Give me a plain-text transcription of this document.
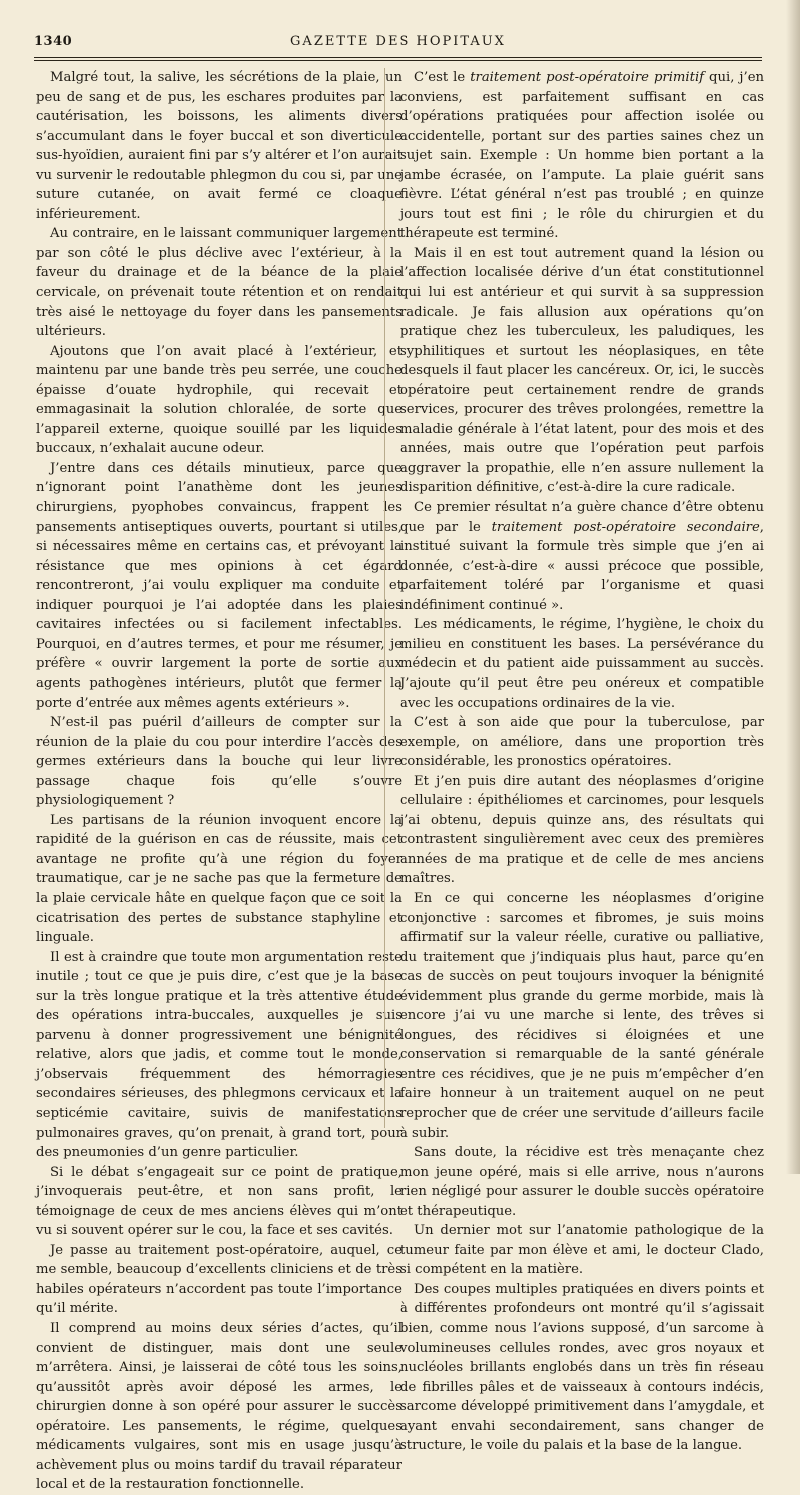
1340	GAZETTE DES HOPITAUX

Malgré tout, la salive, les sécrétions de la plaie, un peu de sang et de pus, les eschares produites par la cautérisation, les boissons, les aliments divers s’accumulant dans le foyer buccal et son diverticule sus-hyoïdien, auraient fini par s’y altérer et l’on aurait vu survenir le redoutable phlegmon du cou si, par une suture cutanée, on avait fermé ce cloaque inférieurement.

Au contraire, en le laissant communiquer largement par son côté le plus déclive avec l’extérieur, à la faveur du drainage et de la béance de la plaie cervicale, on prévenait toute rétention et on rendait très aisé le nettoyage du foyer dans les pansements ultérieurs.

Ajoutons que l’on avait placé à l’extérieur, et maintenu par une bande très peu serrée, une couche épaisse d’ouate hydrophile, qui recevait et emmagasinait la solution chloralée, de sorte que l’appareil externe, quoique souillé par les liquides buccaux, n’exhalait aucune odeur.

J’entre dans ces détails minutieux, parce que n’ignorant point l’anathème dont les jeunes chirurgiens, pyophobes convaincus, frappent les pansements antiseptiques ouverts, pourtant si utiles, si nécessaires même en certains cas, et prévoyant la résistance que mes opinions à cet égard rencontreront, j’ai voulu expliquer ma conduite et indiquer pourquoi je l’ai adoptée dans les plaies cavitaires infectées ou si facilement infectables. Pourquoi, en d’autres termes, et pour me résumer, je préfère « ouvrir largement la porte de sortie aux agents pathogènes intérieurs, plutôt que fermer la porte d’entrée aux mêmes agents extérieurs ».

N’est-il pas puéril d’ailleurs de compter sur la réunion de la plaie du cou pour interdire l’accès des germes extérieurs dans la bouche qui leur livre passage chaque fois qu’elle s’ouvre physiologiquement ?

Les partisans de la réunion invoquent encore la rapidité de la guérison en cas de réussite, mais cet avantage ne profite qu’à une région du foyer traumatique, car je ne sache pas que la fermeture de la plaie cervicale hâte en quelque façon que ce soit la cicatrisation des pertes de substance staphyline et linguale.

Il est à craindre que toute mon argumentation reste inutile ; tout ce que je puis dire, c’est que je la base sur la très longue pratique et la très attentive étude des opérations intra-buccales, auxquelles je suis parvenu à donner progressivement une bénignité relative, alors que jadis, et comme tout le monde, j’observais fréquemment des hémorragies secondaires sérieuses, des phlegmons cervicaux et la septicémie cavitaire, suivis de manifestations pulmonaires graves, qu’on prenait, à grand tort, pour des pneumonies d’un genre particulier.

Si le débat s’engageait sur ce point de pratique, j’invoquerais peut-être, et non sans profit, le témoignage de ceux de mes anciens élèves qui m’ont vu si souvent opérer sur le cou, la face et ses cavités.

Je passe au traitement post-opératoire, auquel, ce me semble, beaucoup d’excellents cliniciens et de très habiles opérateurs n’accordent pas toute l’importance qu’il mérite.

Il comprend au moins deux séries d’actes, qu’il convient de distinguer, mais dont une seule m’arrêtera. Ainsi, je laisserai de côté tous les soins, qu’aussitôt après avoir déposé les armes, le chirurgien donne à son opéré pour assurer le succès opératoire. Les pansements, le régime, quelques médicaments vulgaires, sont mis en usage jusqu’à achèvement plus ou moins tardif du travail réparateur local et de la restauration fonctionnelle.

C’est le traitement post-opératoire primitif qui, j’en conviens, est parfaitement suffisant en cas d’opérations pratiquées pour affection isolée ou accidentelle, portant sur des parties saines chez un sujet sain. Exemple : Un homme bien portant a la jambe écrasée, on l’ampute. La plaie guérit sans fièvre. L’état général n’est pas troublé ; en quinze jours tout est fini ; le rôle du chirurgien et du thérapeute est terminé.

Mais il en est tout autrement quand la lésion ou l’affection localisée dérive d’un état constitutionnel qui lui est antérieur et qui survit à sa suppression radicale. Je fais allusion aux opérations qu’on pratique chez les tuberculeux, les paludiques, les syphilitiques et surtout les néoplasiques, en tête desquels il faut placer les cancéreux. Or, ici, le succès opératoire peut certainement rendre de grands services, procurer des trêves prolongées, remettre la maladie générale à l’état latent, pour des mois et des années, mais outre que l’opération peut parfois aggraver la propathie, elle n’en assure nullement la disparition définitive, c’est-à-dire la cure radicale.

Ce premier résultat n’a guère chance d’être obtenu que par le traitement post-opératoire secondaire, institué suivant la formule très simple que j’en ai donnée, c’est-à-dire « aussi précoce que possible, parfaitement toléré par l’organisme et quasi indéfiniment continué ».

Les médicaments, le régime, l’hygiène, le choix du milieu en constituent les bases. La persévérance du médecin et du patient aide puissamment au succès. J’ajoute qu’il peut être peu onéreux et compatible avec les occupations ordinaires de la vie.

C’est à son aide que pour la tuberculose, par exemple, on améliore, dans une proportion très considérable, les pronostics opératoires.

Et j’en puis dire autant des néoplasmes d’origine cellulaire : épithéliomes et carcinomes, pour lesquels j’ai obtenu, depuis quinze ans, des résultats qui contrastent singulièrement avec ceux des premières années de ma pratique et de celle de mes anciens maîtres.

En ce qui concerne les néoplasmes d’origine conjonctive : sarcomes et fibromes, je suis moins affirmatif sur la valeur réelle, curative ou palliative, du traitement que j’indiquais plus haut, parce qu’en cas de succès on peut toujours invoquer la bénignité évidemment plus grande du germe morbide, mais là encore j’ai vu une marche si lente, des trêves si longues, des récidives si éloignées et une conservation si remarquable de la santé générale entre ces récidives, que je ne puis m’empêcher d’en faire honneur à un traitement auquel on ne peut reprocher que de créer une servitude d’ailleurs facile à subir.

Sans doute, la récidive est très menaçante chez mon jeune opéré, mais si elle arrive, nous n’aurons rien négligé pour assurer le double succès opératoire et thérapeutique.

Un dernier mot sur l’anatomie pathologique de la tumeur faite par mon élève et ami, le docteur Clado, si compétent en la matière.

Des coupes multiples pratiquées en divers points et à différentes profondeurs ont montré qu’il s’agissait bien, comme nous l’avions supposé, d’un sarcome à volumineuses cellules rondes, avec gros noyaux et nucléoles brillants englobés dans un très fin réseau de fibrilles pâles et de vaisseaux à contours indécis, sarcome développé primitivement dans l’amygdale, et ayant envahi secondairement, sans changer de structure, le voile du palais et la base de la langue.
